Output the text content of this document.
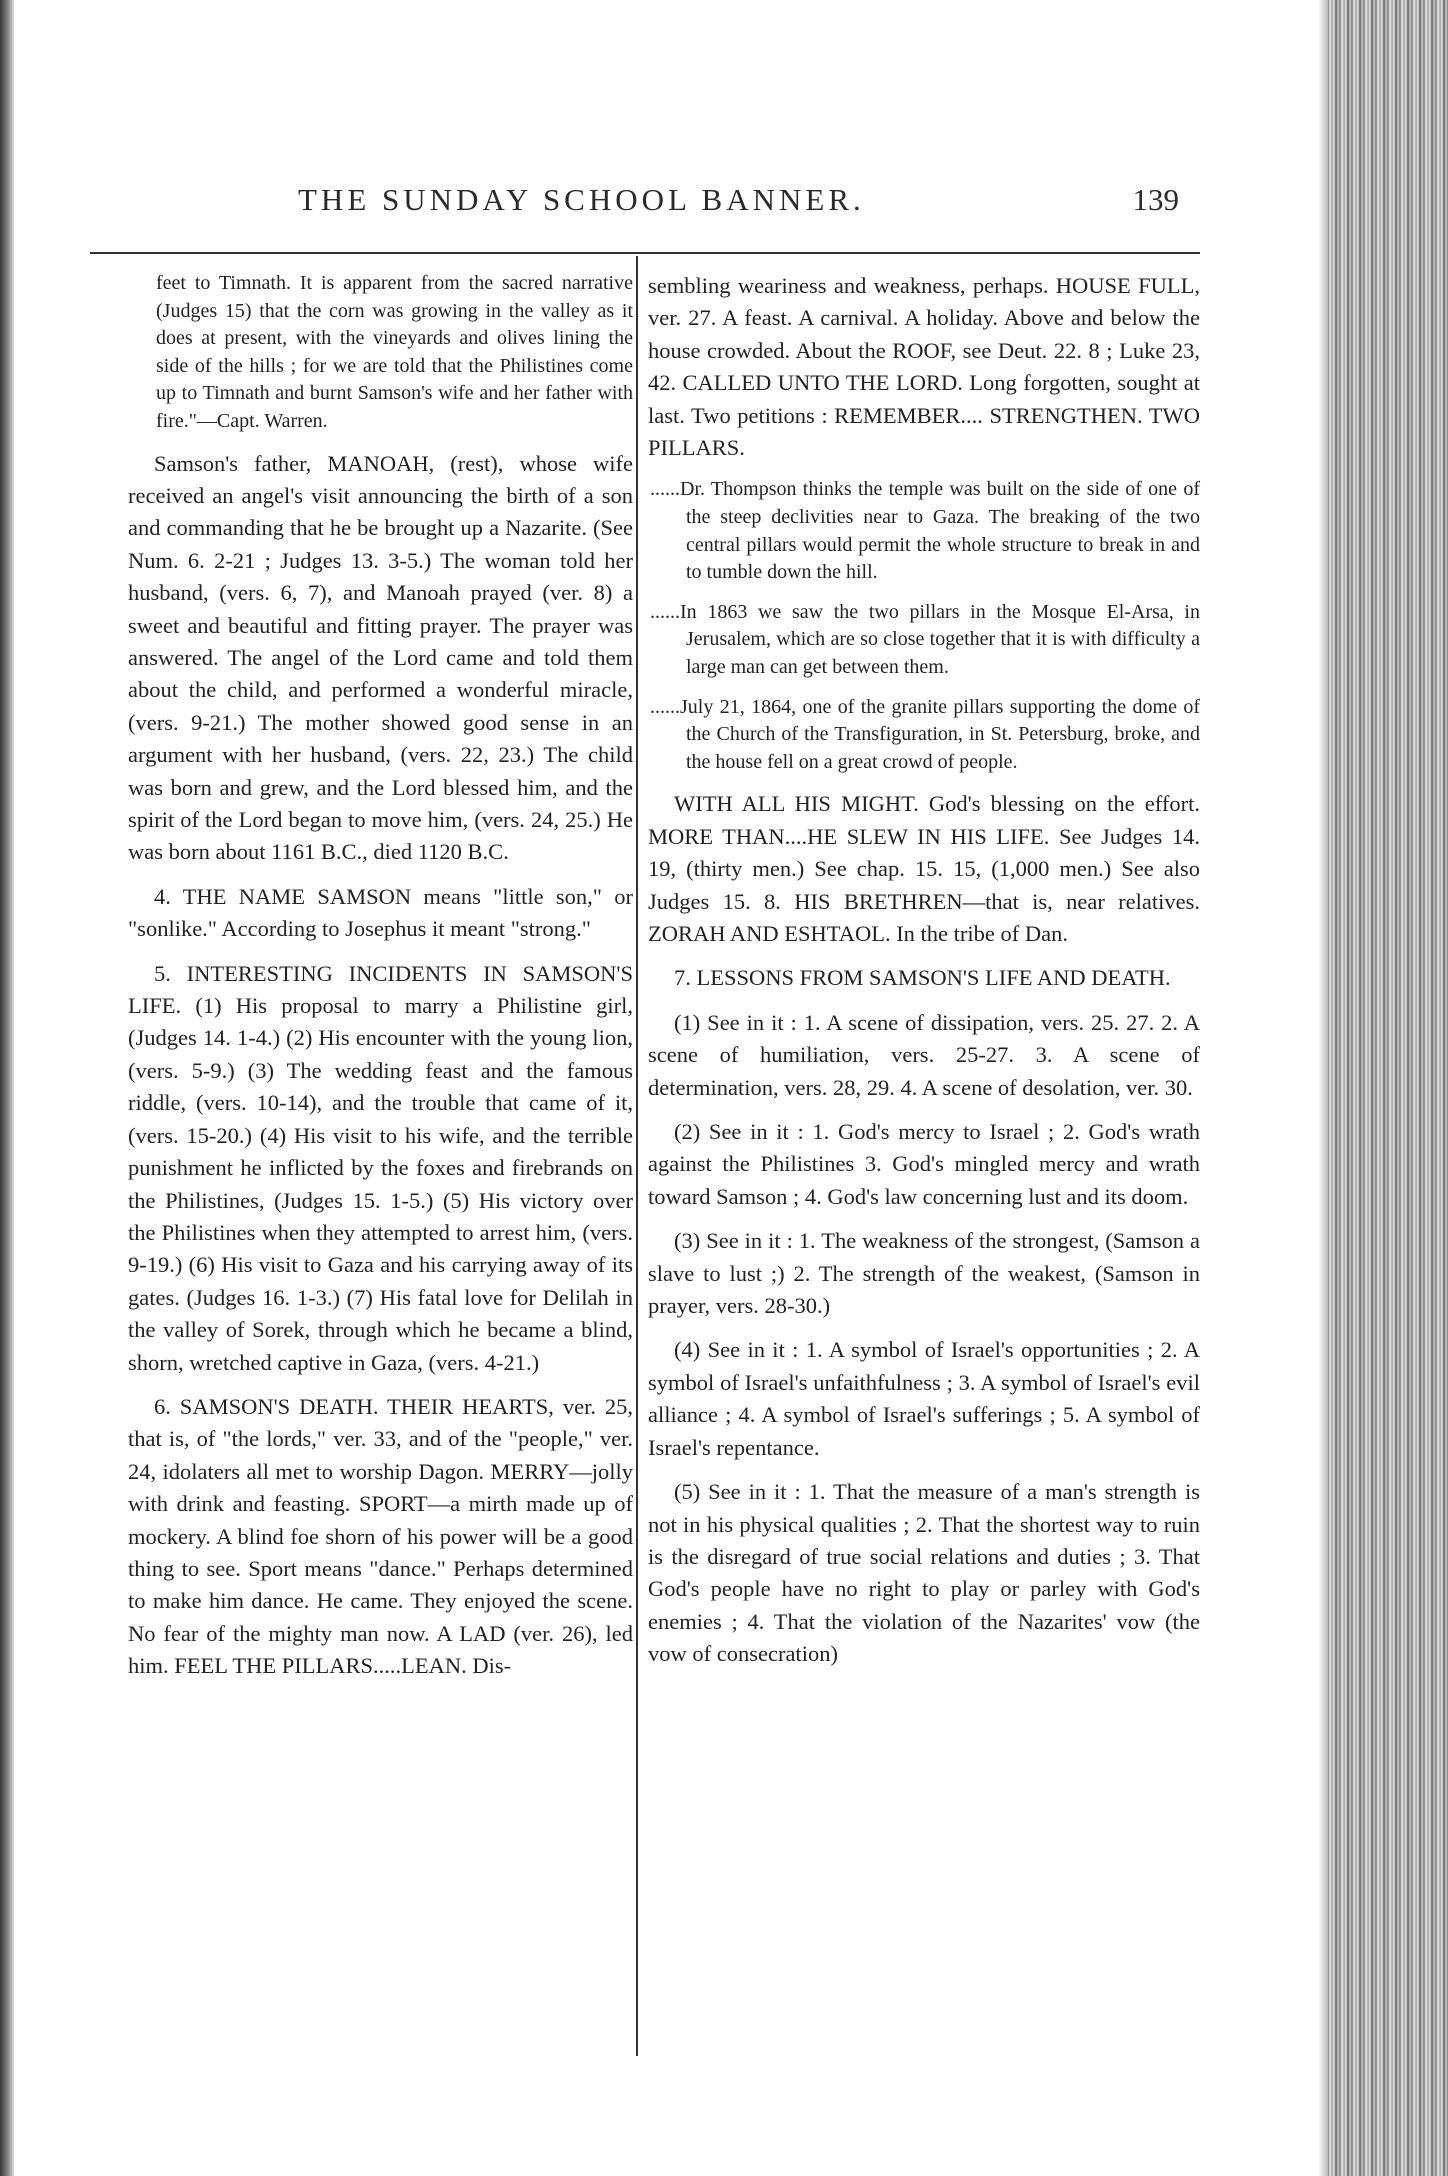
THE SUNDAY SCHOOL BANNER.	139

feet to Timnath. It is apparent from the sacred narrative (Judges 15) that the corn was growing in the valley as it does at present, with the vineyards and olives lining the side of the hills ; for we are told that the Philistines come up to Timnath and burnt Samson's wife and her father with fire."—Capt. Warren.

Samson's father, MANOAH, (rest), whose wife received an angel's visit announcing the birth of a son and commanding that he be brought up a Nazarite. (See Num. 6. 2-21 ; Judges 13. 3-5.) The woman told her husband, (vers. 6, 7), and Manoah prayed (ver. 8) a sweet and beautiful and fitting prayer. The prayer was answered. The angel of the Lord came and told them about the child, and performed a wonderful miracle, (vers. 9-21.) The mother showed good sense in an argument with her husband, (vers. 22, 23.) The child was born and grew, and the Lord blessed him, and the spirit of the Lord began to move him, (vers. 24, 25.) He was born about 1161 B.C., died 1120 B.C.

4. THE NAME SAMSON means "little son," or "sonlike." According to Josephus it meant "strong."

5. INTERESTING INCIDENTS IN SAMSON'S LIFE. (1) His proposal to marry a Philistine girl, (Judges 14. 1-4.) (2) His encounter with the young lion, (vers. 5-9.) (3) The wedding feast and the famous riddle, (vers. 10-14), and the trouble that came of it, (vers. 15-20.) (4) His visit to his wife, and the terrible punishment he inflicted by the foxes and firebrands on the Philistines, (Judges 15. 1-5.) (5) His victory over the Philistines when they attempted to arrest him, (vers. 9-19.) (6) His visit to Gaza and his carrying away of its gates. (Judges 16. 1-3.) (7) His fatal love for Delilah in the valley of Sorek, through which he became a blind, shorn, wretched captive in Gaza, (vers. 4-21.)

6. SAMSON'S DEATH. THEIR HEARTS, ver. 25, that is, of "the lords," ver. 33, and of the "people," ver. 24, idolaters all met to worship Dagon. MERRY—jolly with drink and feasting. SPORT—a mirth made up of mockery. A blind foe shorn of his power will be a good thing to see. Sport means "dance." Perhaps determined to make him dance. He came. They enjoyed the scene. No fear of the mighty man now. A LAD (ver. 26), led him. FEEL THE PILLARS.....LEAN. Dis-

sembling weariness and weakness, perhaps. HOUSE FULL, ver. 27. A feast. A carnival. A holiday. Above and below the house crowded. About the ROOF, see Deut. 22. 8 ; Luke 23, 42. CALLED UNTO THE LORD. Long forgotten, sought at last. Two petitions : REMEMBER.... STRENGTHEN. TWO PILLARS.

......Dr. Thompson thinks the temple was built on the side of one of the steep declivities near to Gaza. The breaking of the two central pillars would permit the whole structure to break in and to tumble down the hill.

......In 1863 we saw the two pillars in the Mosque El-Arsa, in Jerusalem, which are so close together that it is with difficulty a large man can get between them.

......July 21, 1864, one of the granite pillars supporting the dome of the Church of the Transfiguration, in St. Petersburg, broke, and the house fell on a great crowd of people.

WITH ALL HIS MIGHT. God's blessing on the effort. MORE THAN....HE SLEW IN HIS LIFE. See Judges 14. 19, (thirty men.) See chap. 15. 15, (1,000 men.) See also Judges 15. 8. HIS BRETHREN—that is, near relatives. ZORAH AND ESHTAOL. In the tribe of Dan.

7. LESSONS FROM SAMSON'S LIFE AND DEATH.

(1) See in it : 1. A scene of dissipation, vers. 25. 27. 2. A scene of humiliation, vers. 25-27. 3. A scene of determination, vers. 28, 29. 4. A scene of desolation, ver. 30.

(2) See in it : 1. God's mercy to Israel ; 2. God's wrath against the Philistines 3. God's mingled mercy and wrath toward Samson ; 4. God's law concerning lust and its doom.

(3) See in it : 1. The weakness of the strongest, (Samson a slave to lust ;) 2. The strength of the weakest, (Samson in prayer, vers. 28-30.)

(4) See in it : 1. A symbol of Israel's opportunities ; 2. A symbol of Israel's unfaithfulness ; 3. A symbol of Israel's evil alliance ; 4. A symbol of Israel's sufferings ; 5. A symbol of Israel's repentance.

(5) See in it : 1. That the measure of a man's strength is not in his physical qualities ; 2. That the shortest way to ruin is the disregard of true social relations and duties ; 3. That God's people have no right to play or parley with God's enemies ; 4. That the violation of the Nazarites' vow (the vow of consecration)
